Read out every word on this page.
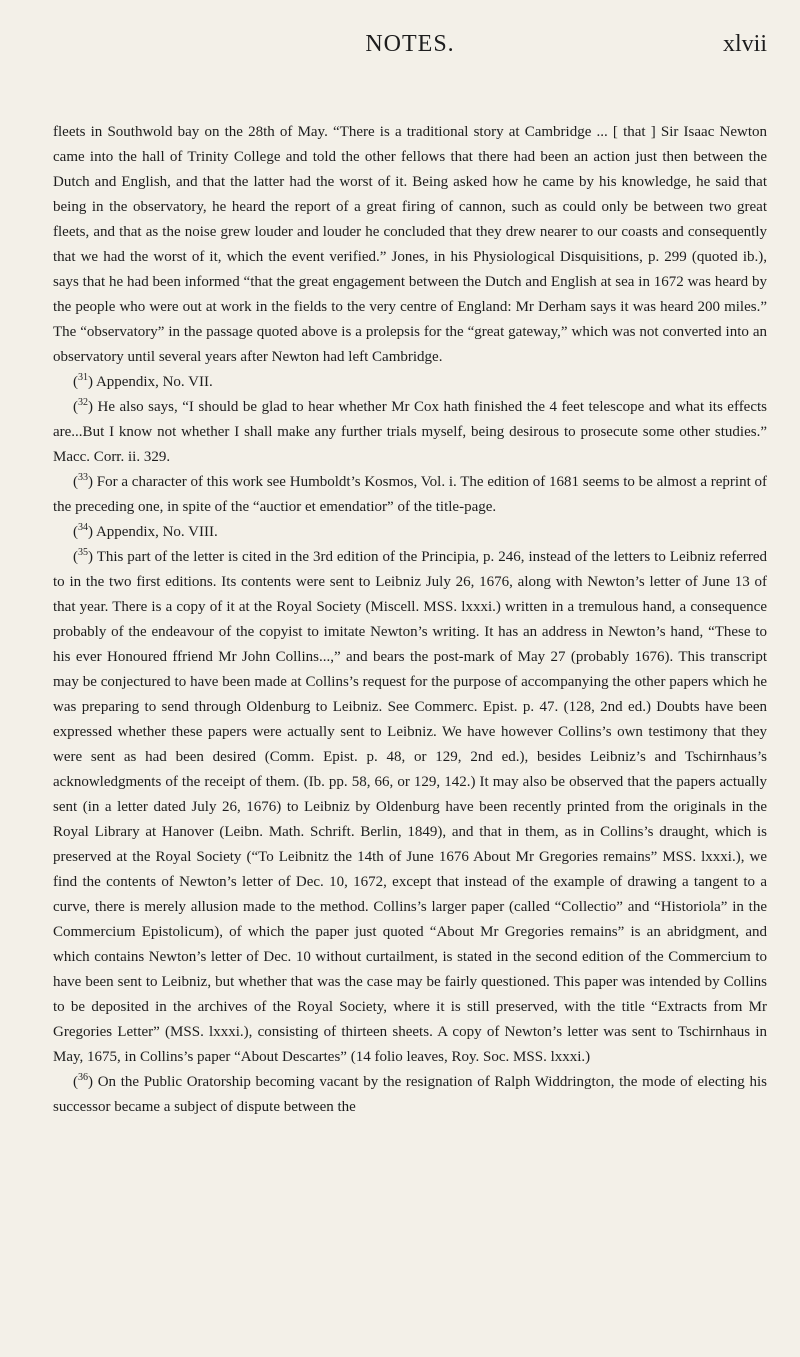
NOTES.	xlvii

fleets in Southwold bay on the 28th of May. “There is a traditional story at Cambridge ... [ that ] Sir Isaac Newton came into the hall of Trinity College and told the other fellows that there had been an action just then between the Dutch and English, and that the latter had the worst of it. Being asked how he came by his knowledge, he said that being in the observatory, he heard the report of a great firing of cannon, such as could only be between two great fleets, and that as the noise grew louder and louder he concluded that they drew nearer to our coasts and consequently that we had the worst of it, which the event verified.” Jones, in his Physiological Disquisitions, p. 299 (quoted ib.), says that he had been informed “that the great engagement between the Dutch and English at sea in 1672 was heard by the people who were out at work in the fields to the very centre of England: Mr Derham says it was heard 200 miles.” The “observatory” in the passage quoted above is a prolepsis for the “great gateway,” which was not converted into an observatory until several years after Newton had left Cambridge.

($^{31}$) Appendix, No. VII.

($^{32}$) He also says, “I should be glad to hear whether Mr Cox hath finished the 4 feet telescope and what its effects are...But I know not whether I shall make any further trials myself, being desirous to prosecute some other studies.” Macc. Corr. ii. 329.

($^{33}$) For a character of this work see Humboldt’s Kosmos, Vol. i. The edition of 1681 seems to be almost a reprint of the preceding one, in spite of the “auctior et emendatior” of the title-page.

($^{34}$) Appendix, No. VIII.

($^{35}$) This part of the letter is cited in the 3rd edition of the Principia, p. 246, instead of the letters to Leibniz referred to in the two first editions. Its contents were sent to Leibniz July 26, 1676, along with Newton’s letter of June 13 of that year. There is a copy of it at the Royal Society (Miscell. MSS. lxxxi.) written in a tremulous hand, a consequence probably of the endeavour of the copyist to imitate Newton’s writing. It has an address in Newton’s hand, “These to his ever Honoured ffriend Mr John Collins...,” and bears the post-mark of May 27 (probably 1676). This transcript may be conjectured to have been made at Collins’s request for the purpose of accompanying the other papers which he was preparing to send through Oldenburg to Leibniz. See Commerc. Epist. p. 47. (128, 2nd ed.) Doubts have been expressed whether these papers were actually sent to Leibniz. We have however Collins’s own testimony that they were sent as had been desired (Comm. Epist. p. 48, or 129, 2nd ed.), besides Leibniz’s and Tschirnhaus’s acknowledgments of the receipt of them. (Ib. pp. 58, 66, or 129, 142.) It may also be observed that the papers actually sent (in a letter dated July 26, 1676) to Leibniz by Oldenburg have been recently printed from the originals in the Royal Library at Hanover (Leibn. Math. Schrift. Berlin, 1849), and that in them, as in Collins’s draught, which is preserved at the Royal Society (“To Leibnitz the 14th of June 1676 About Mr Gregories remains” MSS. lxxxi.), we find the contents of Newton’s letter of Dec. 10, 1672, except that instead of the example of drawing a tangent to a curve, there is merely allusion made to the method. Collins’s larger paper (called “Collectio” and “Historiola” in the Commercium Epistolicum), of which the paper just quoted “About Mr Gregories remains” is an abridgment, and which contains Newton’s letter of Dec. 10 without curtailment, is stated in the second edition of the Commercium to have been sent to Leibniz, but whether that was the case may be fairly questioned. This paper was intended by Collins to be deposited in the archives of the Royal Society, where it is still preserved, with the title “Extracts from Mr Gregories Letter” (MSS. lxxxi.), consisting of thirteen sheets. A copy of Newton’s letter was sent to Tschirnhaus in May, 1675, in Collins’s paper “About Descartes” (14 folio leaves, Roy. Soc. MSS. lxxxi.)

($^{36}$) On the Public Oratorship becoming vacant by the resignation of Ralph Widdrington, the mode of electing his successor became a subject of dispute between the
